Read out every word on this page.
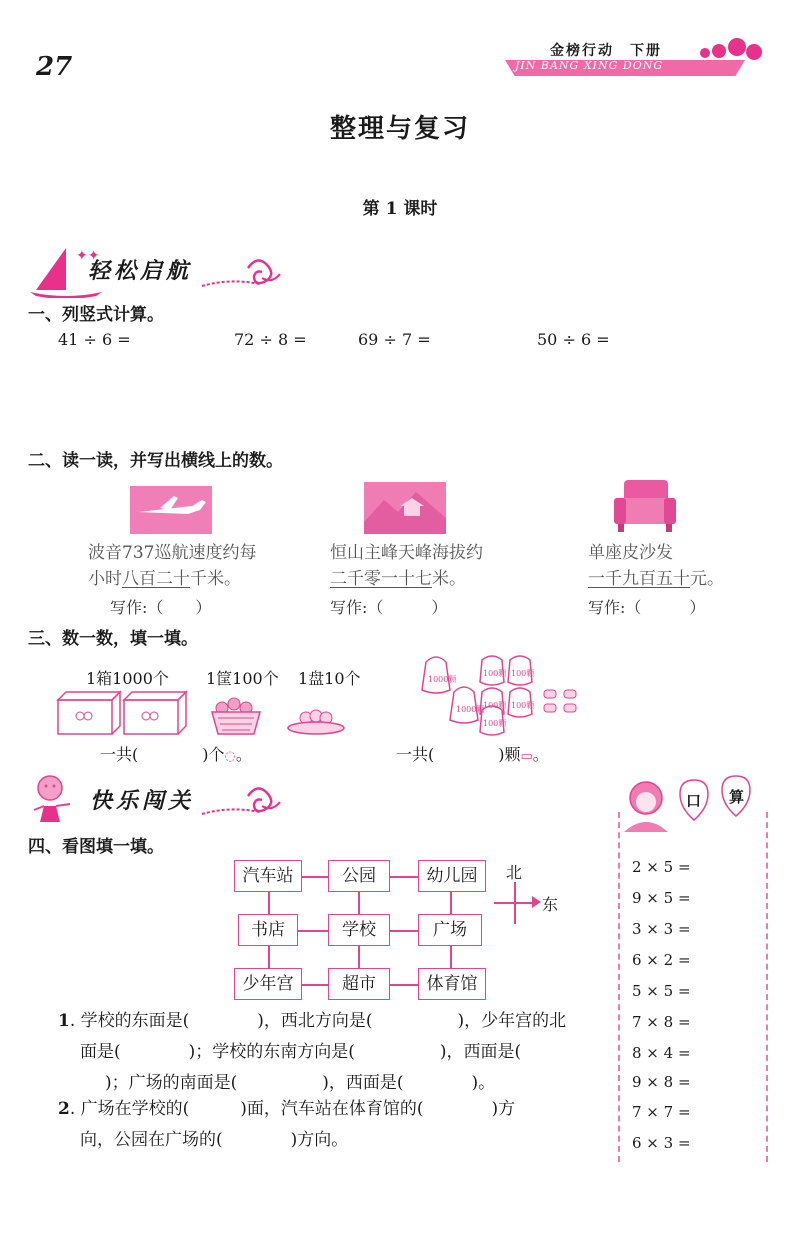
27
金榜行动　下册
JIN BANG XING DONG
整理与复习
第 1 课时
✦✦
轻松启航
一、列竖式计算。
41 ÷ 6 =	72 ÷ 8 =	69 ÷ 7 =	50 ÷ 6 =
二、读一读，并写出横线上的数。
波音737巡航速度约每
小时八百二十千米。
写作:（　　）
恒山主峰天峰海拔约
二千零一十七米。
写作:（　　　）
单座皮沙发
一千九百五十元。
写作:（　　　）
三、数一数，填一填。
1箱1000个 1筐100个 1盘10个	1000颗
1000颗
100颗 100颗
100颗 100颗
100颗
一共(　　　　)个◌。	一共(　　　　)颗▭。
快乐闯关
四、看图填一填。
汽车站	公园	幼儿园
书店	学校	广场
少年宫	超市	体育馆
北
东
1. 学校的东面是(　　　　)，西北方向是(　　　　　)，少年宫的北
面是(　　　　)；学校的东南方向是(　　　　　)，西面是(
　)；广场的南面是(　　　　　)，西面是(　　　　)。
2. 广场在学校的(　　　)面，汽车站在体育馆的(　　　　)方
向，公园在广场的(　　　　)方向。
口 算
2 × 5 =
9 × 5 =
3 × 3 =
6 × 2 =
5 × 5 =
7 × 8 =
8 × 4 =
9 × 8 =
7 × 7 =
6 × 3 =
